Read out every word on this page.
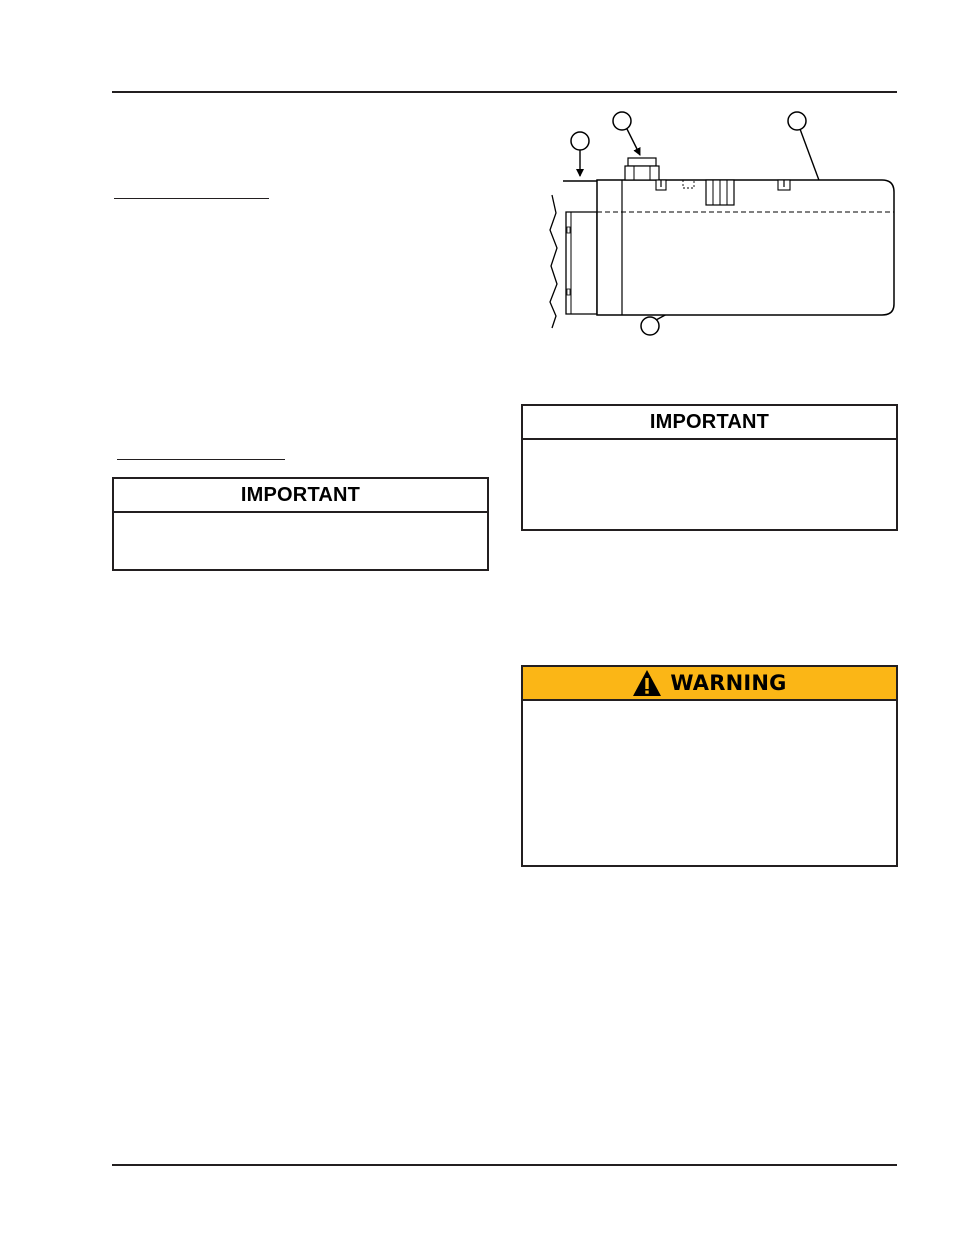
IMPORTANT
IMPORTANT
WARNING
